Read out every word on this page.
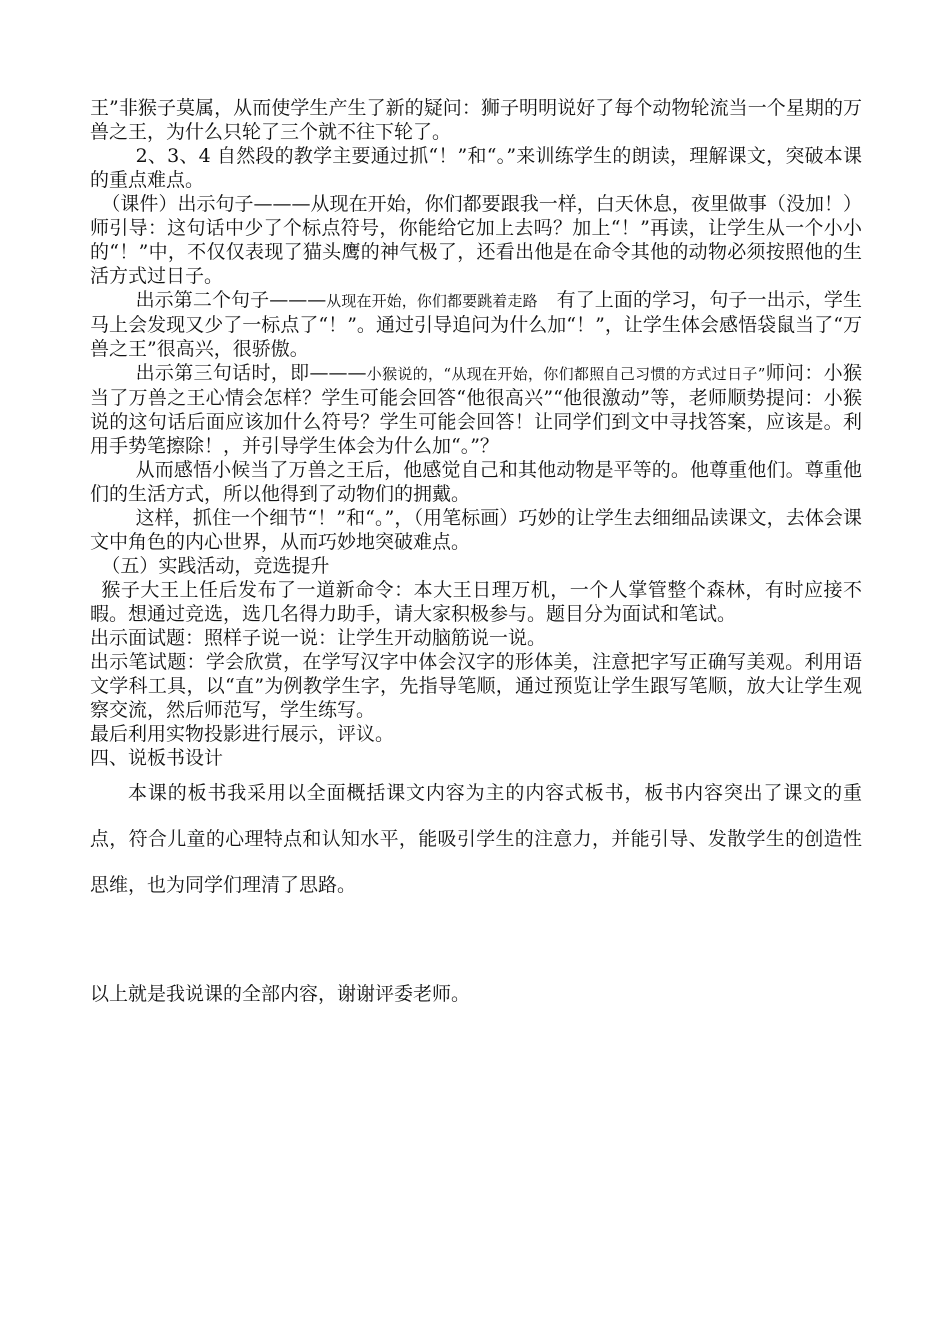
王”非猴子莫属，从而使学生产生了新的疑问：狮子明明说好了每个动物轮流当一个星期的万兽之王，为什么只轮了三个就不往下轮了。

2、3、4 自然段的教学主要通过抓“！”和“。”来训练学生的朗读，理解课文，突破本课的重点难点。

（课件）出示句子———从现在开始，你们都要跟我一样，白天休息，夜里做事（没加！）师引导：这句话中少了个标点符号，你能给它加上去吗？加上“！”再读，让学生从一个小小的“！”中，不仅仅表现了猫头鹰的神气极了，还看出他是在命令其他的动物必须按照他的生活方式过日子。

出示第二个句子———从现在开始，你们都要跳着走路　有了上面的学习，句子一出示，学生马上会发现又少了一标点了“！”。通过引导追问为什么加“！”，让学生体会感悟袋鼠当了“万兽之王”很高兴，很骄傲。

出示第三句话时，即———小猴说的，“从现在开始，你们都照自己习惯的方式过日子”师问：小猴当了万兽之王心情会怎样？学生可能会回答“他很高兴”“他很激动”等，老师顺势提问：小猴说的这句话后面应该加什么符号？学生可能会回答！让同学们到文中寻找答案，应该是。利用手势笔擦除！，并引导学生体会为什么加“。”？

从而感悟小候当了万兽之王后，他感觉自己和其他动物是平等的。他尊重他们。尊重他们的生活方式，所以他得到了动物们的拥戴。

这样，抓住一个细节“！”和“。”，（用笔标画）巧妙的让学生去细细品读课文，去体会课文中角色的内心世界，从而巧妙地突破难点。

（五）实践活动，竞选提升

猴子大王上任后发布了一道新命令：本大王日理万机，一个人掌管整个森林，有时应接不暇。想通过竞选，选几名得力助手，请大家积极参与。题目分为面试和笔试。

出示面试题：照样子说一说：让学生开动脑筋说一说。

出示笔试题：学会欣赏，在学写汉字中体会汉字的形体美，注意把字写正确写美观。利用语文学科工具，以“直”为例教学生字，先指导笔顺，通过预览让学生跟写笔顺，放大让学生观察交流，然后师范写，学生练写。

最后利用实物投影进行展示，评议。

四、说板书设计

本课的板书我采用以全面概括课文内容为主的内容式板书，板书内容突出了课文的重点，符合儿童的心理特点和认知水平，能吸引学生的注意力，并能引导、发散学生的创造性思维，也为同学们理清了思路。

以上就是我说课的全部内容，谢谢评委老师。
